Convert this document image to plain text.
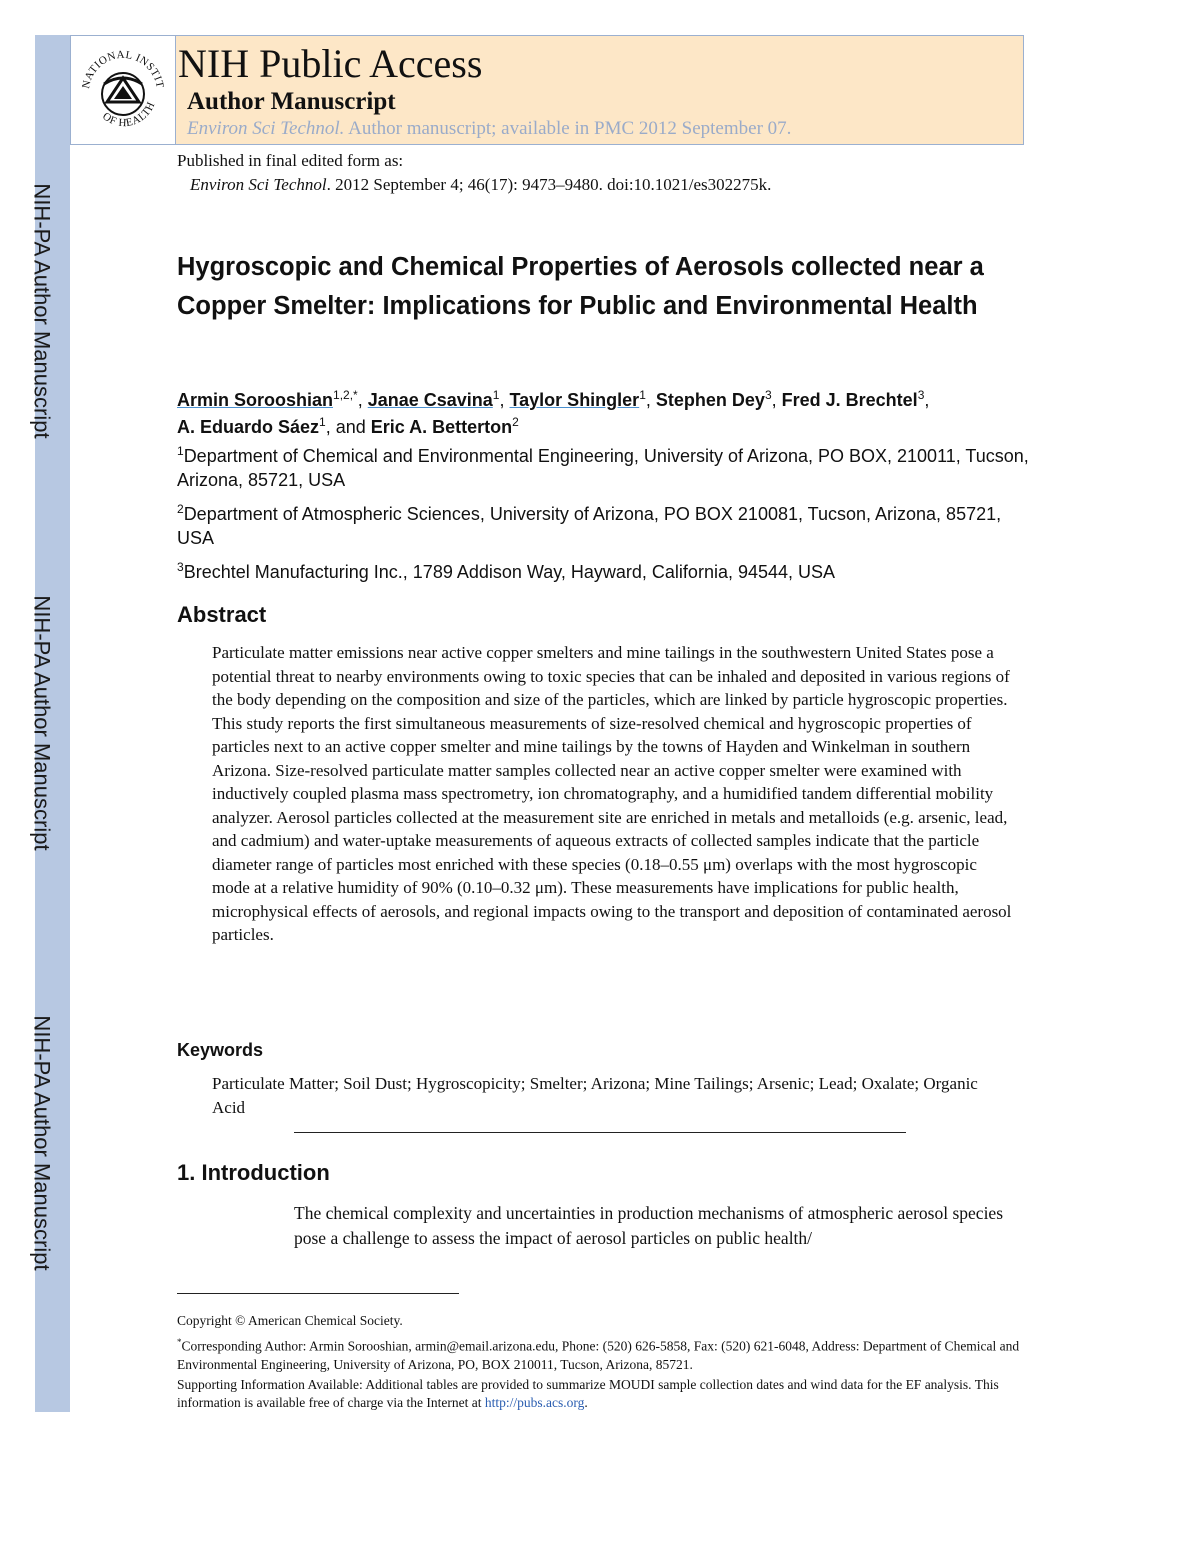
NIH-PA Author Manuscript
NIH-PA Author Manuscript
NIH-PA Author Manuscript
NATIONAL INSTIT
OF HEALTH
NIH Public Access
Author Manuscript
Environ Sci Technol. Author manuscript; available in PMC 2012 September 07.
Published in final edited form as:
Environ Sci Technol. 2012 September 4; 46(17): 9473–9480. doi:10.1021/es302275k.
Hygroscopic and Chemical Properties of Aerosols collected near a Copper Smelter: Implications for Public and Environmental Health
Armin Sorooshian$^{1,2,*}$, Janae Csavina$^1$, Taylor Shingler$^1$, Stephen Dey$^3$, Fred J. Brechtel$^3$,
A. Eduardo Sáez$^1$, and Eric A. Betterton$^2$
$^1$Department of Chemical and Environmental Engineering, University of Arizona, PO BOX, 210011, Tucson, Arizona, 85721, USA
$^2$Department of Atmospheric Sciences, University of Arizona, PO BOX 210081, Tucson, Arizona, 85721, USA
$^3$Brechtel Manufacturing Inc., 1789 Addison Way, Hayward, California, 94544, USA
Abstract
Particulate matter emissions near active copper smelters and mine tailings in the southwestern United States pose a potential threat to nearby environments owing to toxic species that can be inhaled and deposited in various regions of the body depending on the composition and size of the particles, which are linked by particle hygroscopic properties. This study reports the first simultaneous measurements of size-resolved chemical and hygroscopic properties of particles next to an active copper smelter and mine tailings by the towns of Hayden and Winkelman in southern Arizona. Size-resolved particulate matter samples collected near an active copper smelter were examined with inductively coupled plasma mass spectrometry, ion chromatography, and a humidified tandem differential mobility analyzer. Aerosol particles collected at the measurement site are enriched in metals and metalloids (e.g. arsenic, lead, and cadmium) and water-uptake measurements of aqueous extracts of collected samples indicate that the particle diameter range of particles most enriched with these species (0.18–0.55 μm) overlaps with the most hygroscopic mode at a relative humidity of 90% (0.10–0.32 μm). These measurements have implications for public health, microphysical effects of aerosols, and regional impacts owing to the transport and deposition of contaminated aerosol particles.
Keywords
Particulate Matter; Soil Dust; Hygroscopicity; Smelter; Arizona; Mine Tailings; Arsenic; Lead; Oxalate; Organic Acid
1. Introduction
The chemical complexity and uncertainties in production mechanisms of atmospheric aerosol species pose a challenge to assess the impact of aerosol particles on public health/
Copyright © American Chemical Society.
*Corresponding Author: Armin Sorooshian, armin@email.arizona.edu, Phone: (520) 626-5858, Fax: (520) 621-6048, Address: Department of Chemical and Environmental Engineering, University of Arizona, PO, BOX 210011, Tucson, Arizona, 85721.
Supporting Information Available: Additional tables are provided to summarize MOUDI sample collection dates and wind data for the EF analysis. This information is available free of charge via the Internet at http://pubs.acs.org.
